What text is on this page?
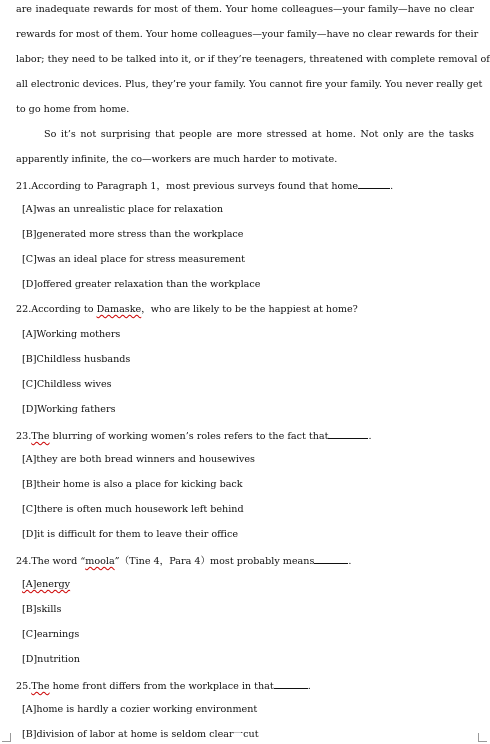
are inadequate rewards for most of them. Your home colleagues—your family—have no clear
rewards for most of them. Your home colleagues—your family—have no clear rewards for their
labor; they need to be talked into it, or if they’re teenagers, threatened with complete removal of
all electronic devices. Plus, they’re your family. You cannot fire your family. You never really get
to go home from home.
So it’s not surprising that people are more stressed at home. Not only are the tasks
apparently infinite, the co—workers are much harder to motivate.
21.According to Paragraph 1，most previous surveys found that home	.
[A]was an unrealistic place for relaxation
[B]generated more stress than the workplace
[C]was an ideal place for stress measurement
[D]offered greater relaxation than the workplace
22.According to Damaske，who are likely to be the happiest at home?
[A]Working mothers
[B]Childless husbands
[C]Childless wives
[D]Working fathers
23.The blurring of working women’s roles refers to the fact that	.
[A]they are both bread winners and housewives
[B]their home is also a place for kicking back
[C]there is often much housework left behind
[D]it is difficult for them to leave their office
24.The word “moola”（Tine 4，Para 4）most probably means	.
[A]energy
[B]skills
[C]earnings
[D]nutrition
25.The home front differs from the workplace in that	.
[A]home is hardly a cozier working environment
[B]division of labor at home is seldom clear一cut
